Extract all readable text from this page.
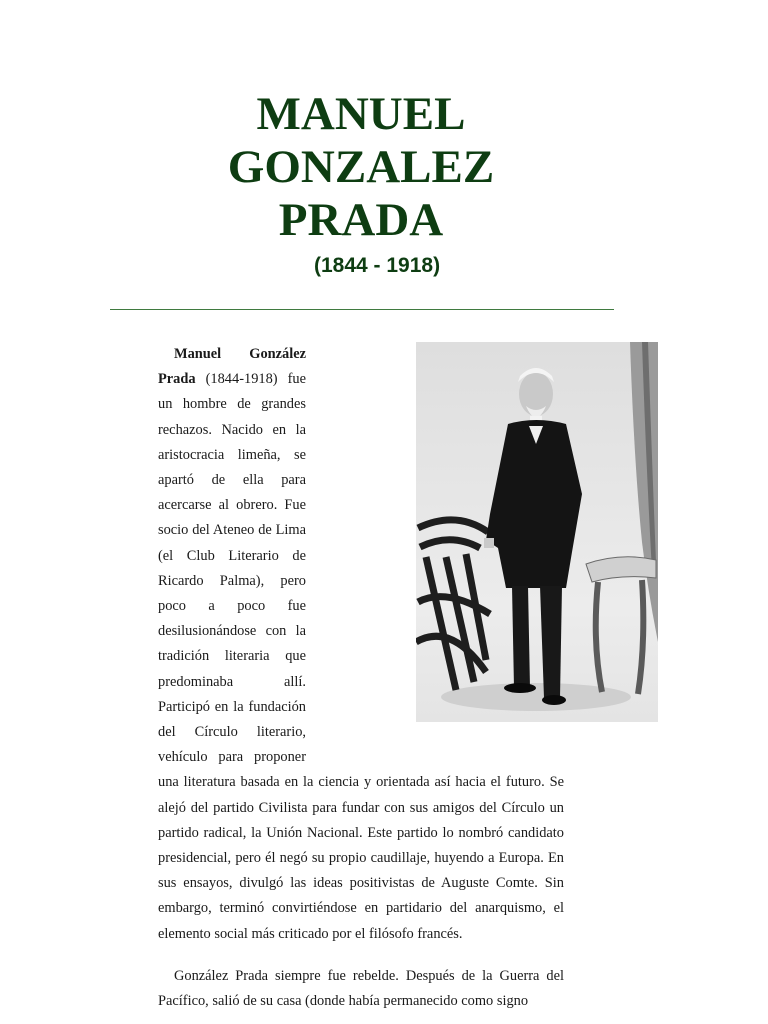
MANUEL
GONZALEZ
PRADA

(1844 - 1918)

Manuel González Prada (1844-1918) fue un hombre de grandes rechazos. Nacido en la aristocracia limeña, se apartó de ella para acercarse al obrero. Fue socio del Ateneo de Lima (el Club Literario de Ricardo Palma), pero poco a poco fue desilusionándose con la tradición literaria que predominaba allí. Participó en la fundación del Círculo literario, vehículo para proponer una literatura basada en la ciencia y orientada así hacia el futuro. Se alejó del partido Civilista para fundar con sus amigos del Círculo un partido radical, la Unión Nacional. Este partido lo nombró candidato presidencial, pero él negó su propio caudillaje, huyendo a Europa. En sus ensayos, divulgó las ideas positivistas de Auguste Comte. Sin embargo, terminó convirtiéndose en partidario del anarquismo, el elemento social más criticado por el filósofo francés.

González Prada siempre fue rebelde. Después de la Guerra del Pacífico, salió de su casa (donde había permanecido como signo
